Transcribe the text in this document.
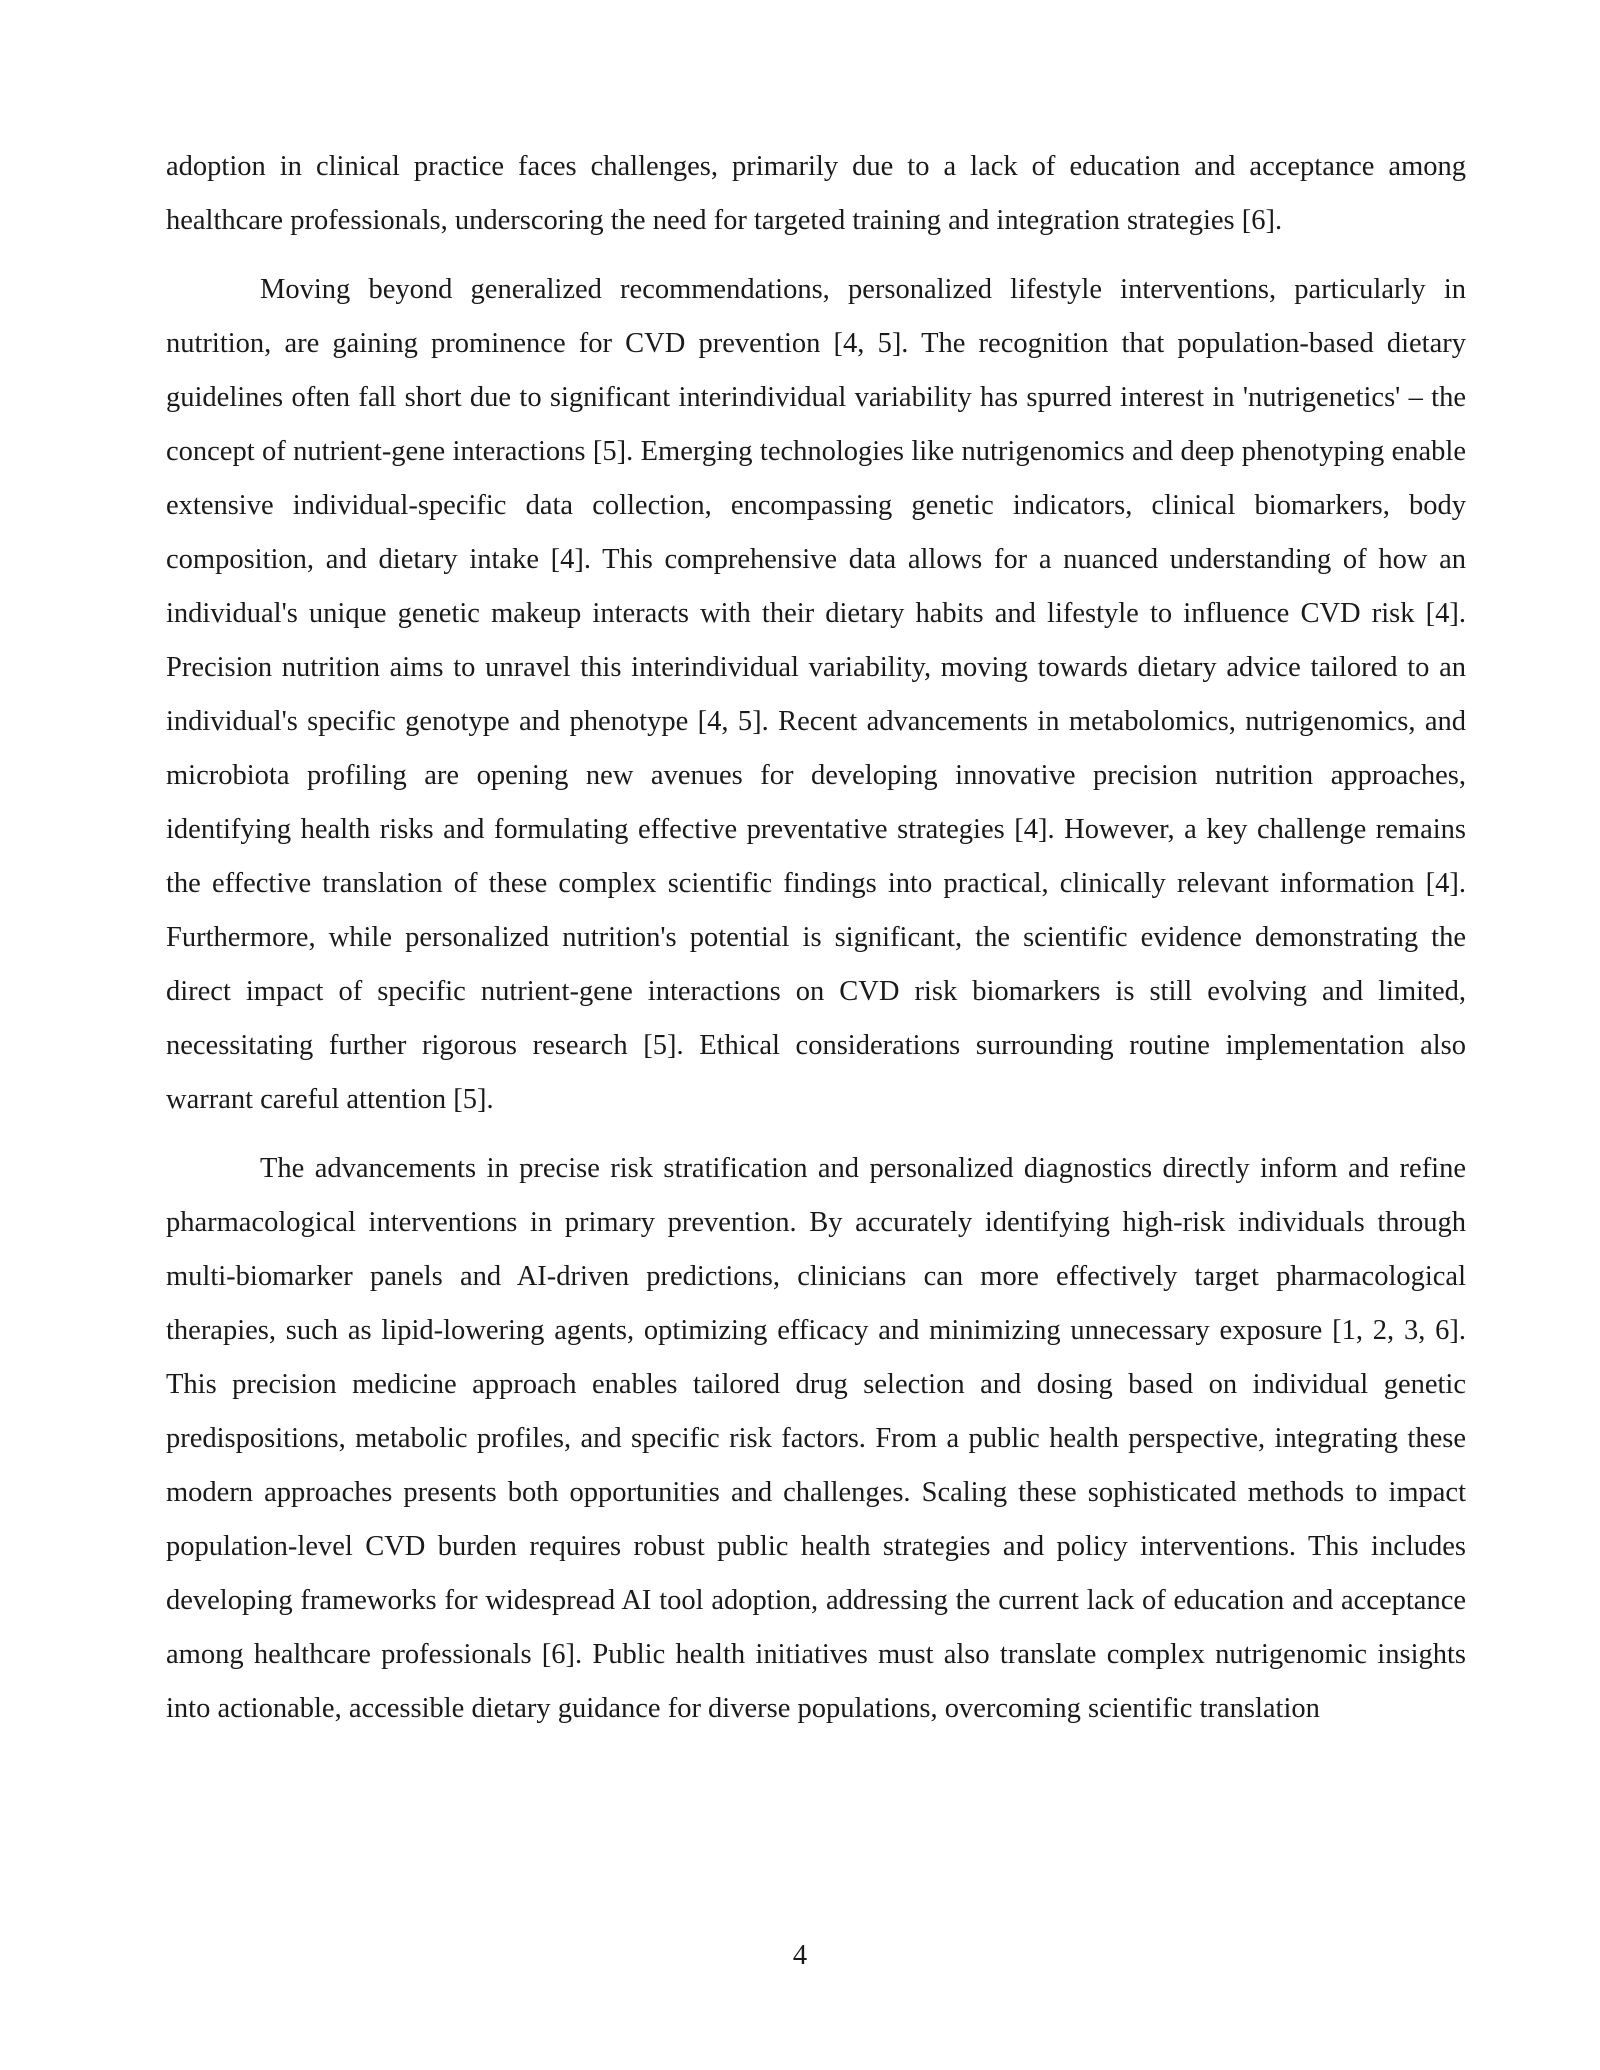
adoption in clinical practice faces challenges, primarily due to a lack of education and acceptance among healthcare professionals, underscoring the need for targeted training and integration strategies [6].

Moving beyond generalized recommendations, personalized lifestyle interventions, particularly in nutrition, are gaining prominence for CVD prevention [4, 5]. The recognition that population-based dietary guidelines often fall short due to significant interindividual variability has spurred interest in 'nutrigenetics' – the concept of nutrient-gene interactions [5]. Emerging technologies like nutrigenomics and deep phenotyping enable extensive individual-specific data collection, encompassing genetic indicators, clinical biomarkers, body composition, and dietary intake [4]. This comprehensive data allows for a nuanced understanding of how an individual's unique genetic makeup interacts with their dietary habits and lifestyle to influence CVD risk [4]. Precision nutrition aims to unravel this interindividual variability, moving towards dietary advice tailored to an individual's specific genotype and phenotype [4, 5]. Recent advancements in metabolomics, nutrigenomics, and microbiota profiling are opening new avenues for developing innovative precision nutrition approaches, identifying health risks and formulating effective preventative strategies [4]. However, a key challenge remains the effective translation of these complex scientific findings into practical, clinically relevant information [4]. Furthermore, while personalized nutrition's potential is significant, the scientific evidence demonstrating the direct impact of specific nutrient-gene interactions on CVD risk biomarkers is still evolving and limited, necessitating further rigorous research [5]. Ethical considerations surrounding routine implementation also warrant careful attention [5].

The advancements in precise risk stratification and personalized diagnostics directly inform and refine pharmacological interventions in primary prevention. By accurately identifying high-risk individuals through multi-biomarker panels and AI-driven predictions, clinicians can more effectively target pharmacological therapies, such as lipid-lowering agents, optimizing efficacy and minimizing unnecessary exposure [1, 2, 3, 6]. This precision medicine approach enables tailored drug selection and dosing based on individual genetic predispositions, metabolic profiles, and specific risk factors. From a public health perspective, integrating these modern approaches presents both opportunities and challenges. Scaling these sophisticated methods to impact population-level CVD burden requires robust public health strategies and policy interventions. This includes developing frameworks for widespread AI tool adoption, addressing the current lack of education and acceptance among healthcare professionals [6]. Public health initiatives must also translate complex nutrigenomic insights into actionable, accessible dietary guidance for diverse populations, overcoming scientific translation

4
